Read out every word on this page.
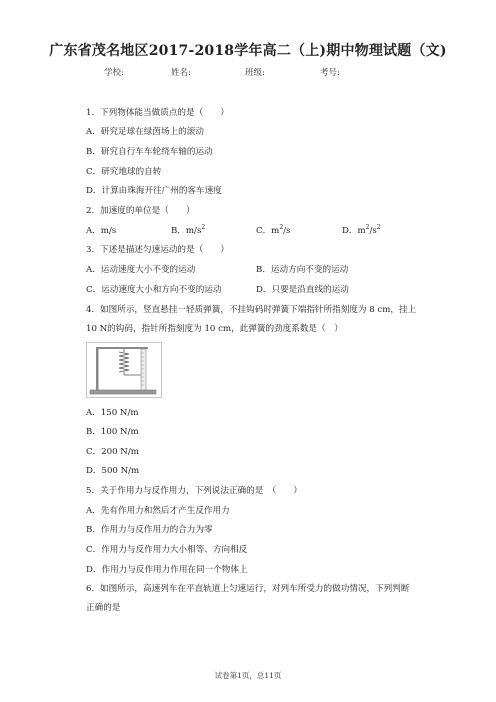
广东省茂名地区2017-2018学年高二（上)期中物理试题（文)
学校:	姓名:	班级:	考号:
1．下列物体能当做质点的是（　　）
A．研究足球在绿茵场上的滚动
B．研究自行车车轮绕车轴的运动
C．研究地球的自转
D．计算由珠海开往广州的客车速度
2．加速度的单位是（　　）
A．m/s	B．$m/s^2$	C．$m^2/s$	D．$m^2/s^2$
3．下述是描述匀速运动的是（　　）
A．运动速度大小不变的运动	B．运动方向不变的运动
C．运动速度大小和方向不变的运动	D．只要是沿直线的运动
4．如图所示，竖直悬挂一轻质弹簧，不挂钩码时弹簧下端指针所指刻度为 8 cm，挂上
10 N的钩码，指针所指刻度为 10 cm，此弹簧的劲度系数是（　）
A．150 N/m
B．100 N/m
C．200 N/m
D．500 N/m
5．关于作用力与反作用力，下列说法正确的是　（　　）
A．先有作用力和然后才产生反作用力
B．作用力与反作用力的合力为零
C．作用力与反作用力大小相等、方向相反
D．作用力与反作用力作用在同一个物体上
6．如图所示，高速列车在平直轨道上匀速运行，对列车所受力的做功情况，下列判断
正确的是
试卷第1页，总11页
